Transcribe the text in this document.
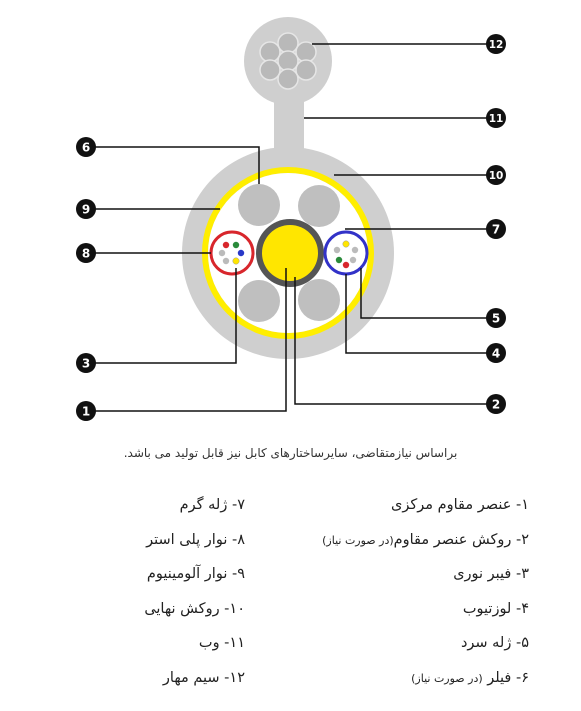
6
9
8
3
1
12
11
10
7
5
4
2
براساس نیازمتقاضی، سایرساختارهای کابل نیز قابل تولید می باشد.
۱- عنصر مقاوم مرکزی
۲- روکش عنصر مقاوم(در صورت نیاز)
۳- فیبر نوری
۴- لوزتیوب
۵- ژله سرد
۶- فیلر (در صورت نیاز)
۷- ژله گرم
۸- نوار پلی استر
۹- نوار آلومینیوم
۱۰- روکش نهایی
۱۱- وب
۱۲- سیم مهار
